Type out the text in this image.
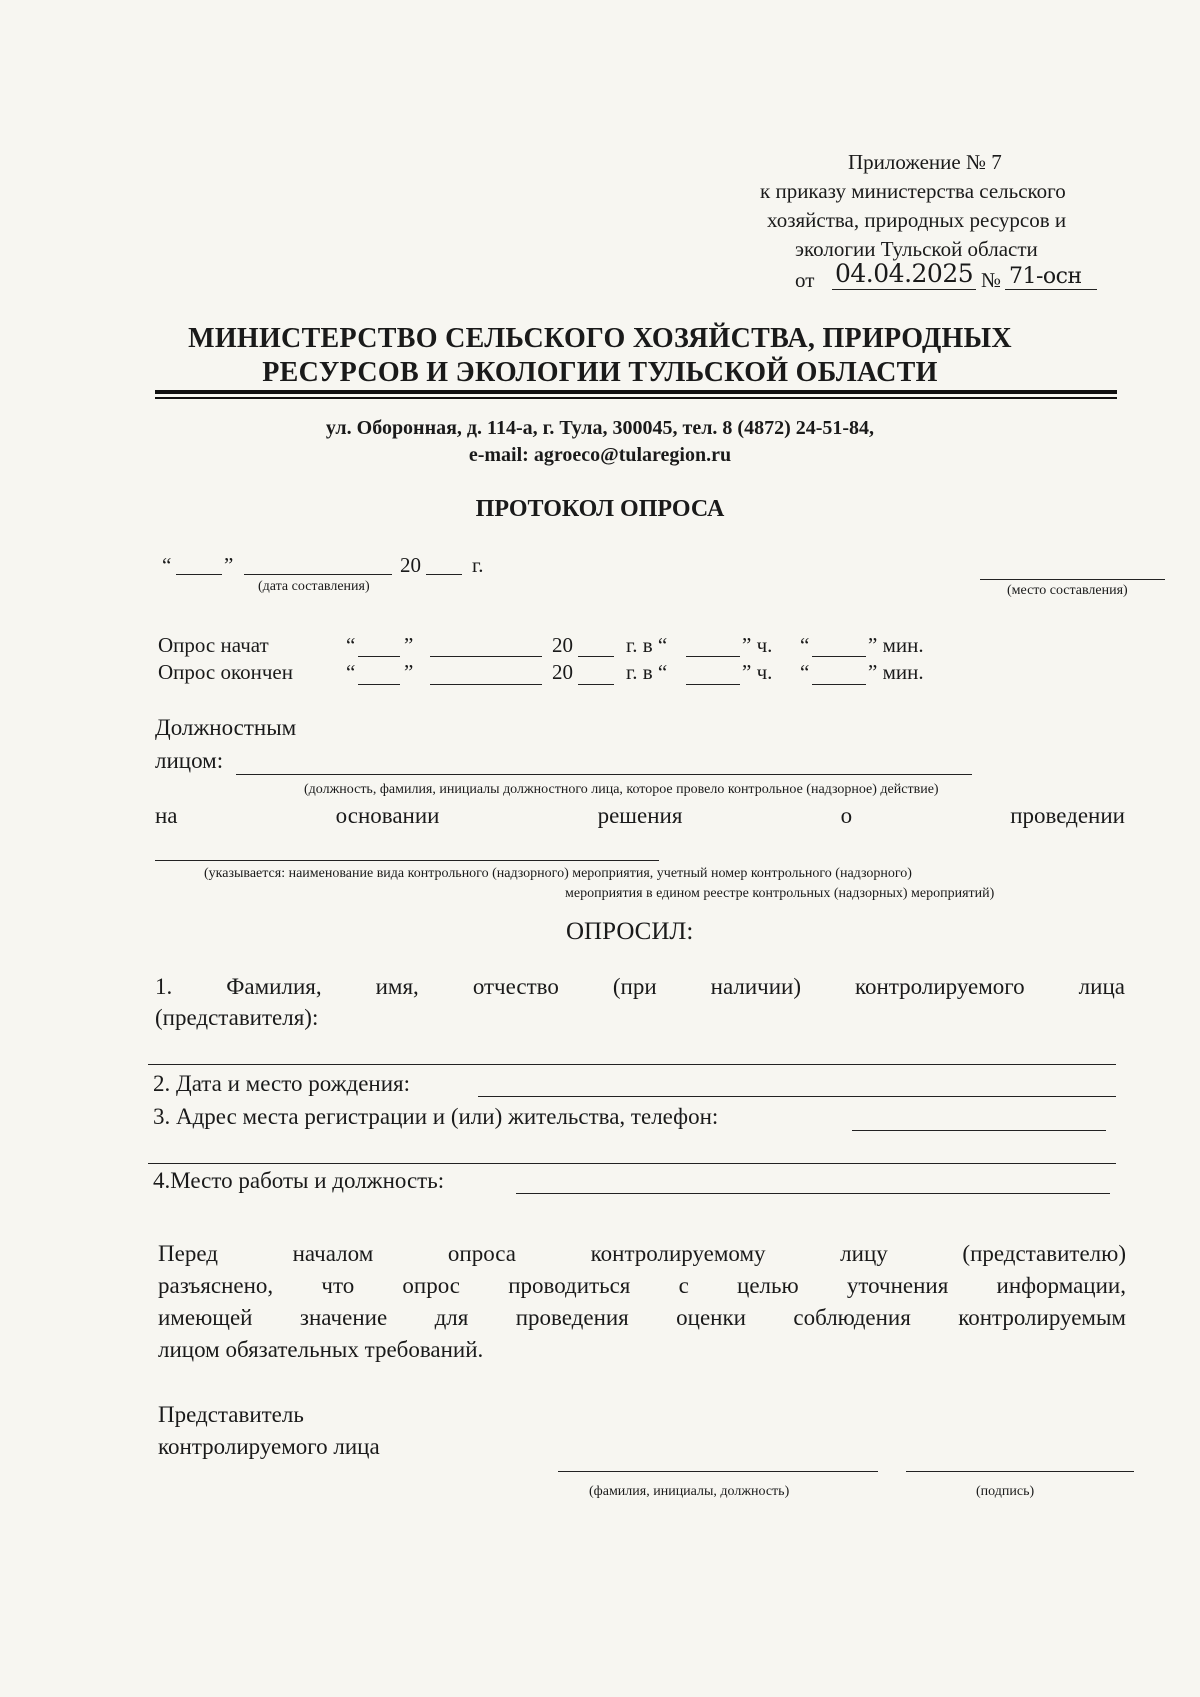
Приложение № 7
к приказу министерства сельского
хозяйства, природных ресурсов и
экологии Тульской области
от 04.04.2025 № 71-осн
МИНИСТЕРСТВО СЕЛЬСКОГО ХОЗЯЙСТВА, ПРИРОДНЫХ
РЕСУРСОВ И ЭКОЛОГИИ ТУЛЬСКОЙ ОБЛАСТИ
ул. Оборонная, д. 114-а, г. Тула, 300045, тел. 8 (4872) 24-51-84,
e-mail: agroeco@tularegion.ru
ПРОТОКОЛ ОПРОСА
“	”	20 г.
(дата составления)	(место составления)
Опрос начат	“ ”	20	г. в “	” ч. “	” мин.
Опрос окончен	“ ”	20	г. в “	” ч. “	” мин.
Должностным
лицом:
(должность, фамилия, инициалы должностного лица, которое провело контрольное (надзорное) действие)
на	основании	решения	о	проведении
(указывается: наименование вида контрольного (надзорного) мероприятия, учетный номер контрольного (надзорного)
мероприятия в едином реестре контрольных (надзорных) мероприятий)
ОПРОСИЛ:
1. Фамилия, имя, отчество (при наличии) контролируемого лица
(представителя):
2. Дата и место рождения:
3. Адрес места регистрации и (или) жительства, телефон:
4.Место работы и должность:
Перед	началом	опроса	контролируемому	лицу	(представителю)
разъяснено, что опрос проводиться с целью уточнения информации,
имеющей значение для проведения оценки соблюдения контролируемым
лицом обязательных требований.
Представитель
контролируемого лица
(фамилия, инициалы, должность)	(подпись)
